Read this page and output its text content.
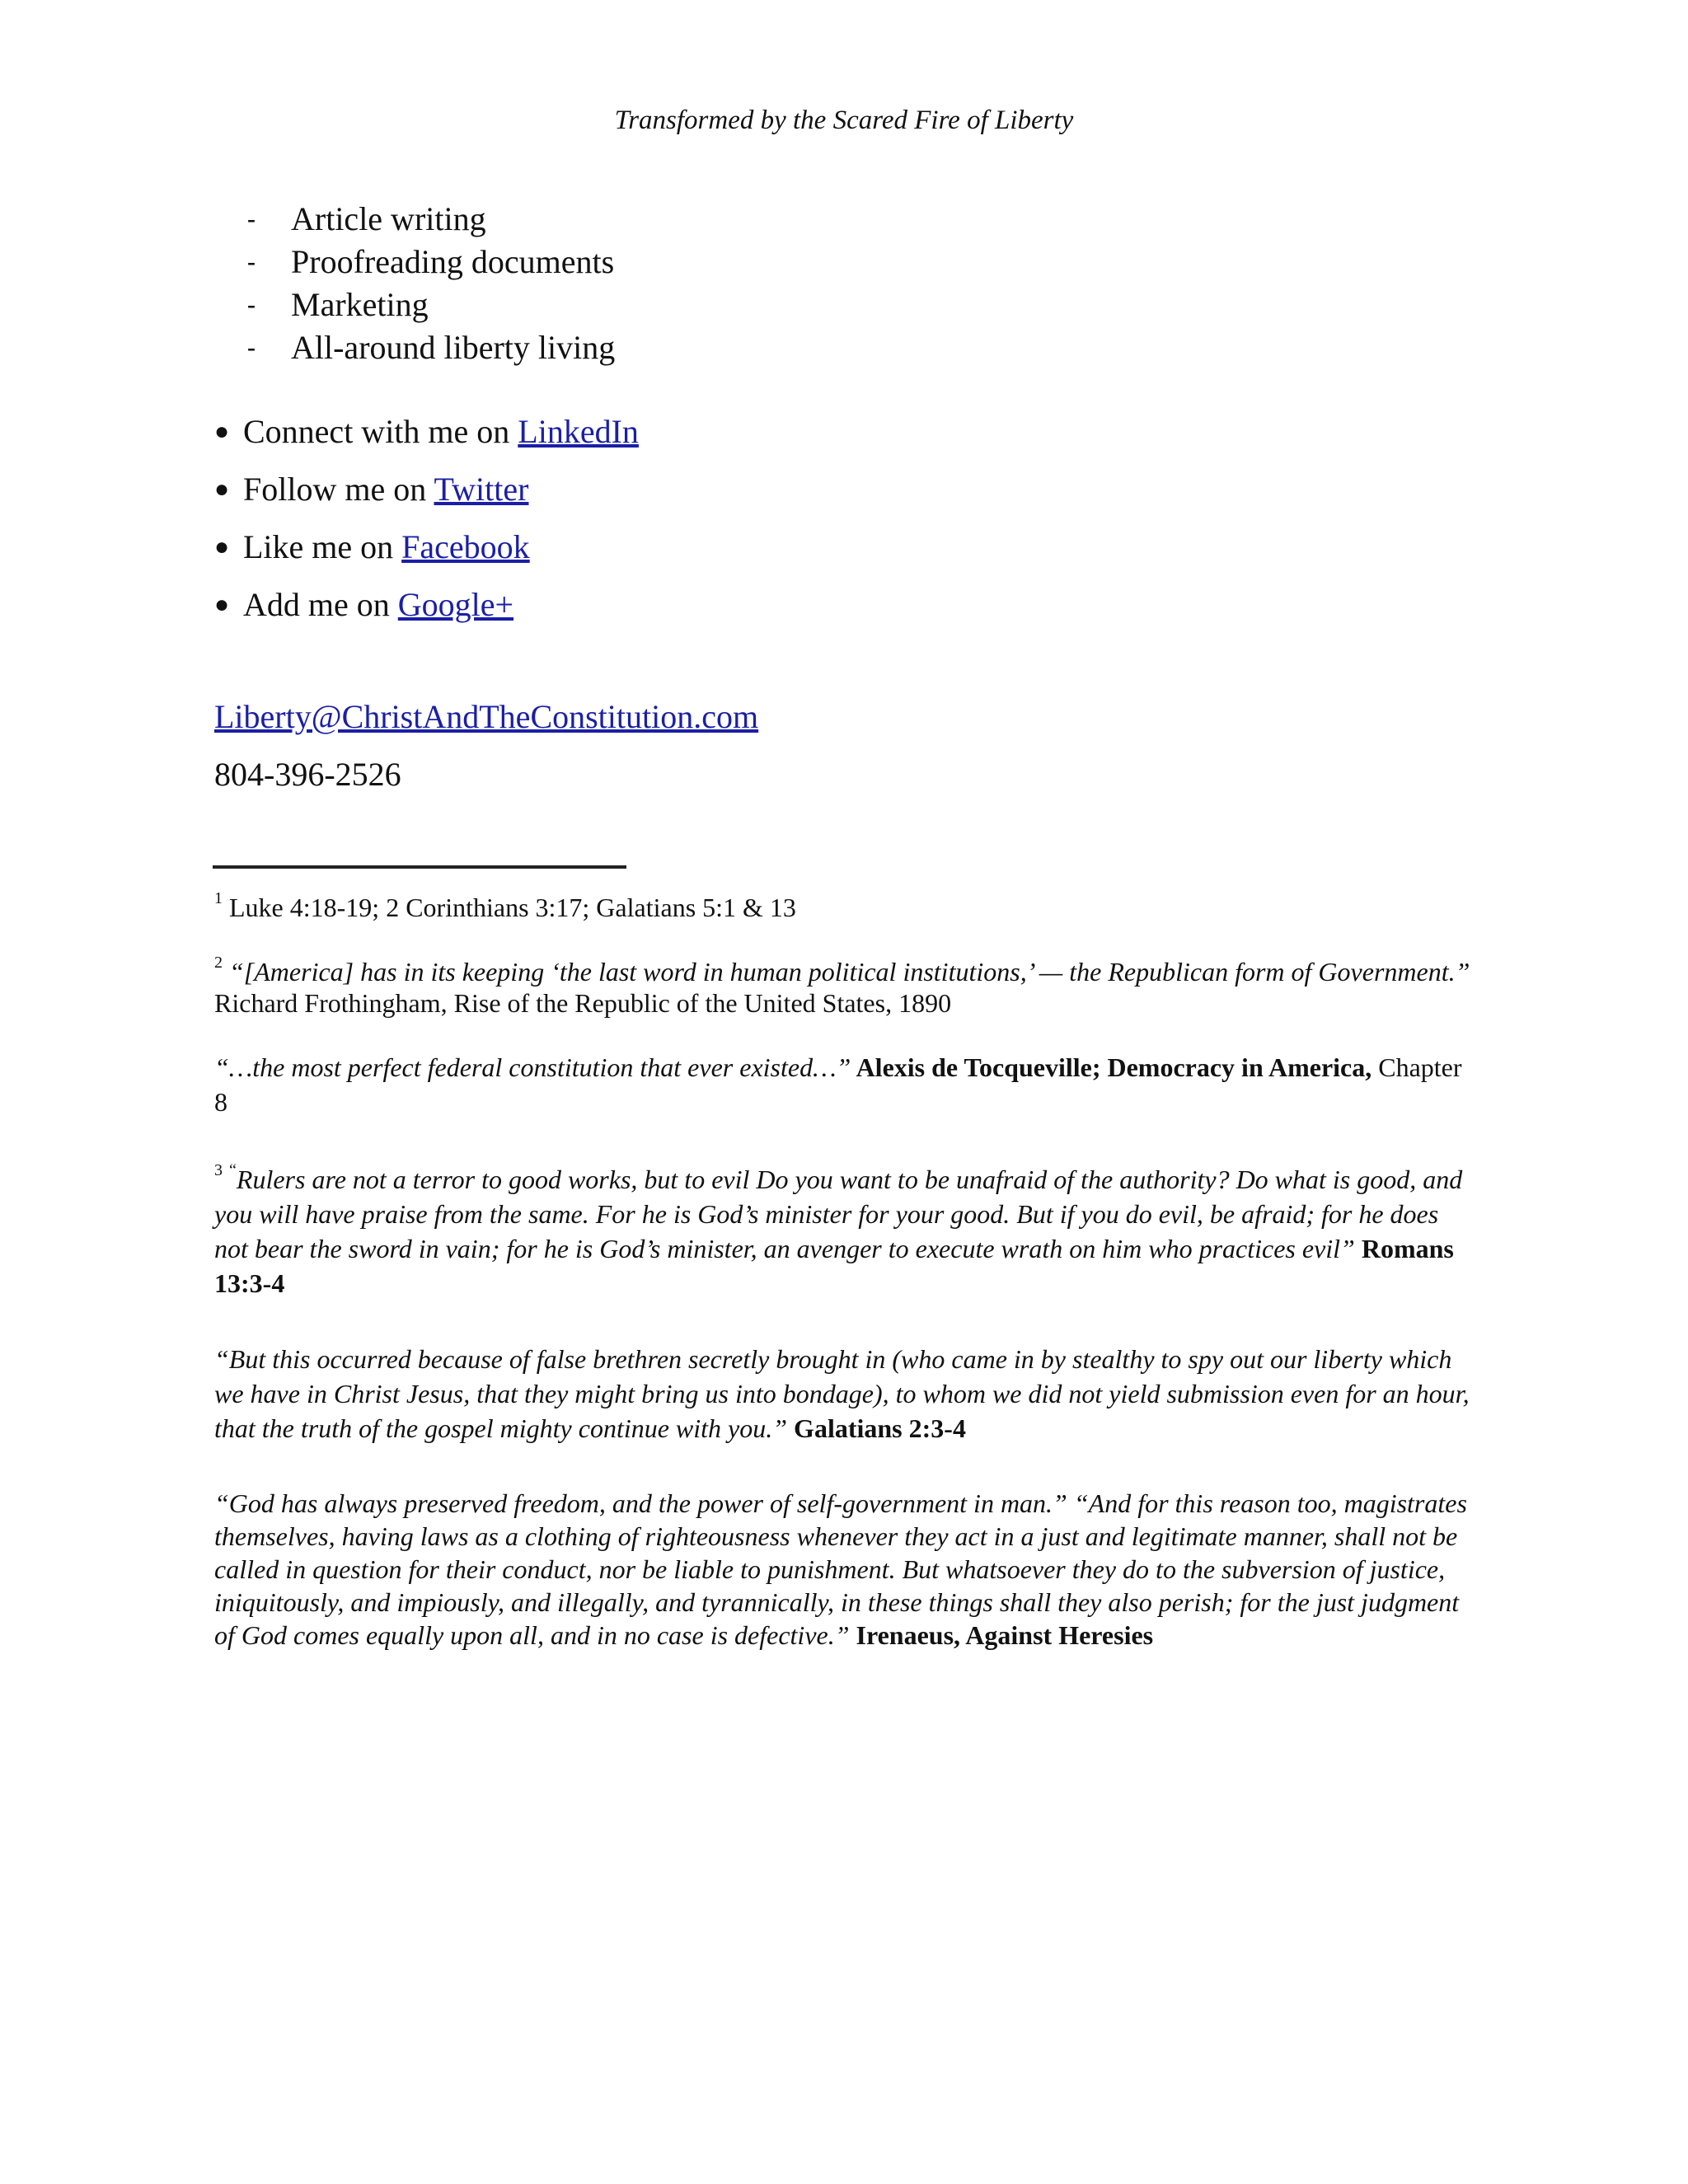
Transformed by the Scared Fire of Liberty
- Article writing
- Proofreading documents
- Marketing
- All-around liberty living
● Connect with me on LinkedIn
● Follow me on Twitter
● Like me on Facebook
● Add me on Google+
Liberty@ChristAndTheConstitution.com
804-396-2526

$^1$ Luke 4:18-19; 2 Corinthians 3:17; Galatians 5:1 & 13

$^2$ “[America] has in its keeping ‘the last word in human political institutions,’ — the Republican form of Government.” Richard Frothingham, Rise of the Republic of the United States, 1890

“…the most perfect federal constitution that ever existed…” Alexis de Tocqueville; Democracy in America, Chapter 8

$^3$ “Rulers are not a terror to good works, but to evil Do you want to be unafraid of the authority? Do what is good, and you will have praise from the same. For he is God’s minister for your good. But if you do evil, be afraid; for he does not bear the sword in vain; for he is God’s minister, an avenger to execute wrath on him who practices evil” Romans 13:3-4

“But this occurred because of false brethren secretly brought in (who came in by stealthy to spy out our liberty which we have in Christ Jesus, that they might bring us into bondage), to whom we did not yield submission even for an hour, that the truth of the gospel mighty continue with you.” Galatians 2:3-4

“God has always preserved freedom, and the power of self-government in man.” “And for this reason too, magistrates themselves, having laws as a clothing of righteousness whenever they act in a just and legitimate manner, shall not be called in question for their conduct, nor be liable to punishment. But whatsoever they do to the subversion of justice, iniquitously, and impiously, and illegally, and tyrannically, in these things shall they also perish; for the just judgment of God comes equally upon all, and in no case is defective.” Irenaeus, Against Heresies
